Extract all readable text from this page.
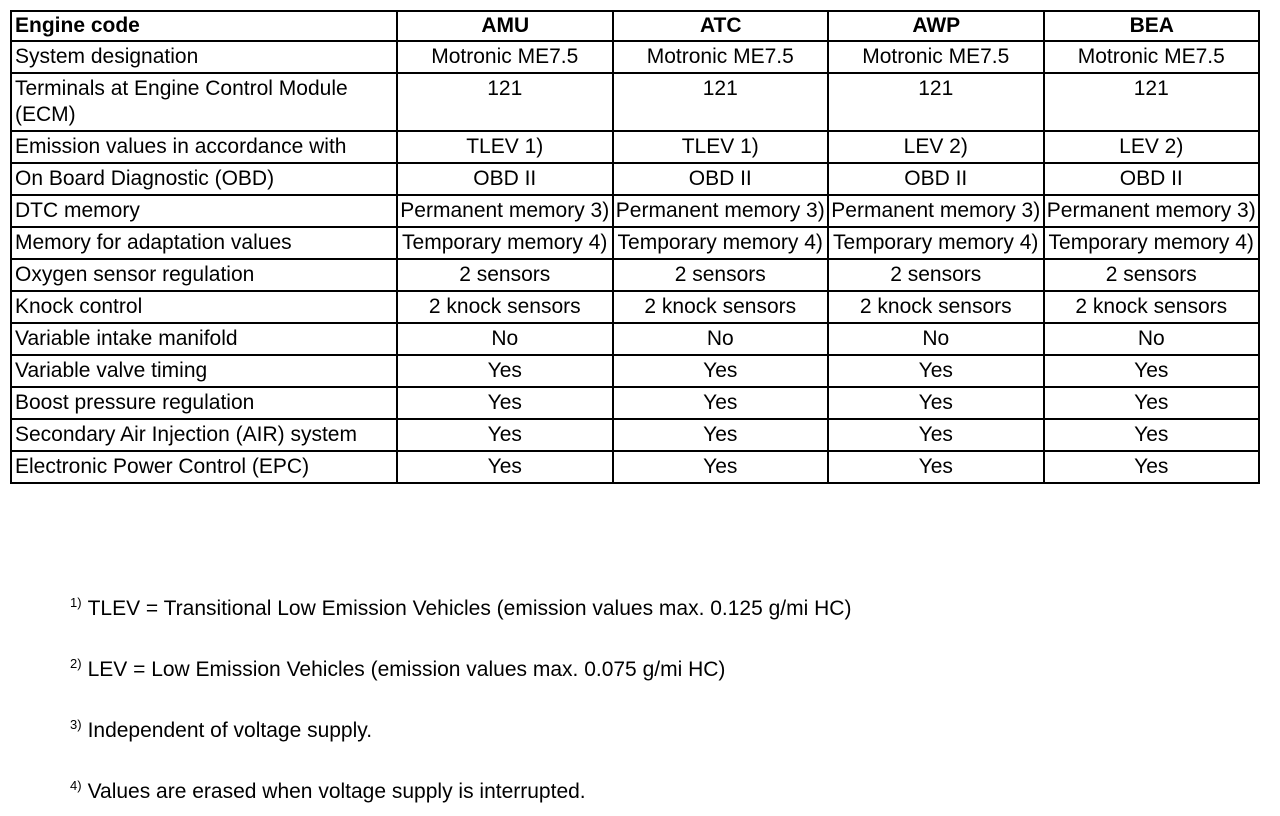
Engine code	AMU	ATC	AWP	BEA
System designation	Motronic ME7.5	Motronic ME7.5	Motronic ME7.5	Motronic ME7.5
Terminals at Engine Control Module (ECM)	121	121	121	121
Emission values in accordance with	TLEV 1)	TLEV 1)	LEV 2)	LEV 2)
On Board Diagnostic (OBD)	OBD II	OBD II	OBD II	OBD II
DTC memory	Permanent memory 3)	Permanent memory 3)	Permanent memory 3)	Permanent memory 3)
Memory for adaptation values	Temporary memory 4)	Temporary memory 4)	Temporary memory 4)	Temporary memory 4)
Oxygen sensor regulation	2 sensors	2 sensors	2 sensors	2 sensors
Knock control	2 knock sensors	2 knock sensors	2 knock sensors	2 knock sensors
Variable intake manifold	No	No	No	No
Variable valve timing	Yes	Yes	Yes	Yes
Boost pressure regulation	Yes	Yes	Yes	Yes
Secondary Air Injection (AIR) system	Yes	Yes	Yes	Yes
Electronic Power Control (EPC)	Yes	Yes	Yes	Yes
$^{1)}$ TLEV = Transitional Low Emission Vehicles (emission values max. 0.125 g/mi HC)
$^{2)}$ LEV = Low Emission Vehicles (emission values max. 0.075 g/mi HC)
$^{3)}$ Independent of voltage supply.
$^{4)}$ Values are erased when voltage supply is interrupted.
